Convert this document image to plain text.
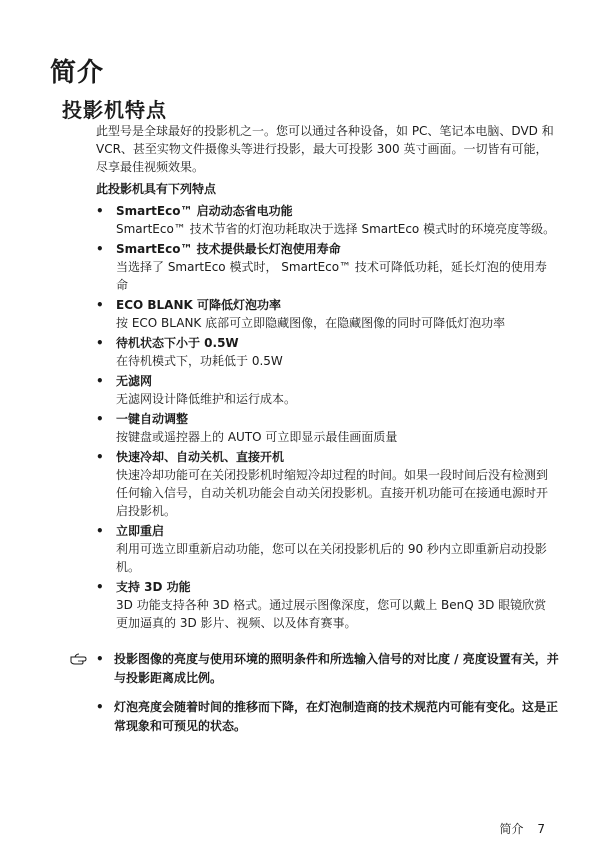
简介
投影机特点

此型号是全球最好的投影机之一。您可以通过各种设备，如 PC、笔记本电脑、DVD 和 VCR、甚至实物文件摄像头等进行投影，最大可投影 300 英寸画面。一切皆有可能，尽享最佳视频效果。

此投影机具有下列特点

•	SmartEco™ 启动动态省电功能
SmartEco™ 技术节省的灯泡功耗取决于选择 SmartEco 模式时的环境亮度等级。
•	SmartEco™ 技术提供最长灯泡使用寿命
当选择了 SmartEco 模式时， SmartEco™ 技术可降低功耗，延长灯泡的使用寿命
•	ECO BLANK 可降低灯泡功率
按 ECO BLANK 底部可立即隐藏图像，在隐藏图像的同时可降低灯泡功率
•	待机状态下小于 0.5W
在待机模式下，功耗低于 0.5W
•	无滤网
无滤网设计降低维护和运行成本。
•	一键自动调整
按键盘或遥控器上的 AUTO 可立即显示最佳画面质量
•	快速冷却、自动关机、直接开机
快速冷却功能可在关闭投影机时缩短冷却过程的时间。如果一段时间后没有检测到任何输入信号，自动关机功能会自动关闭投影机。直接开机功能可在接通电源时开启投影机。
•	立即重启
利用可选立即重新启动功能，您可以在关闭投影机后的 90 秒内立即重新启动投影机。
•	支持 3D 功能
3D 功能支持各种 3D 格式。通过展示图像深度，您可以戴上 BenQ 3D 眼镜欣赏更加逼真的 3D 影片、视频、以及体育赛事。

• 投影图像的亮度与使用环境的照明条件和所选输入信号的对比度 / 亮度设置有关，并与投影距离成比例。

• 灯泡亮度会随着时间的推移而下降，在灯泡制造商的技术规范内可能有变化。这是正常现象和可预见的状态。

简介 7
